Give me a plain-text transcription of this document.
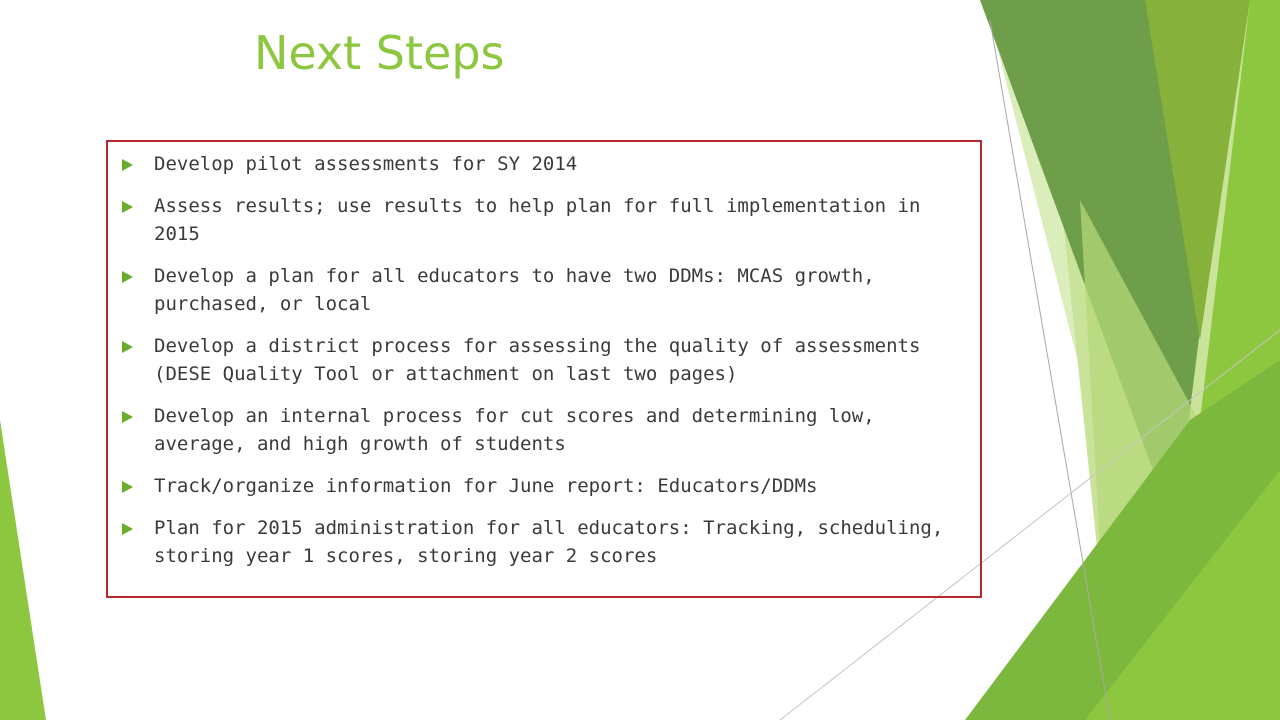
Next Steps
Develop pilot assessments for SY 2014
Assess results; use results to help plan for full implementation in 2015
Develop a plan for all educators to have two DDMs: MCAS growth, purchased, or local
Develop a district process for assessing the quality of assessments (DESE Quality Tool or attachment on last two pages)
Develop an internal process for cut scores and determining low, average, and high growth of students
Track/organize information for June report: Educators/DDMs
Plan for 2015 administration for all educators: Tracking, scheduling, storing year 1 scores, storing year 2 scores
